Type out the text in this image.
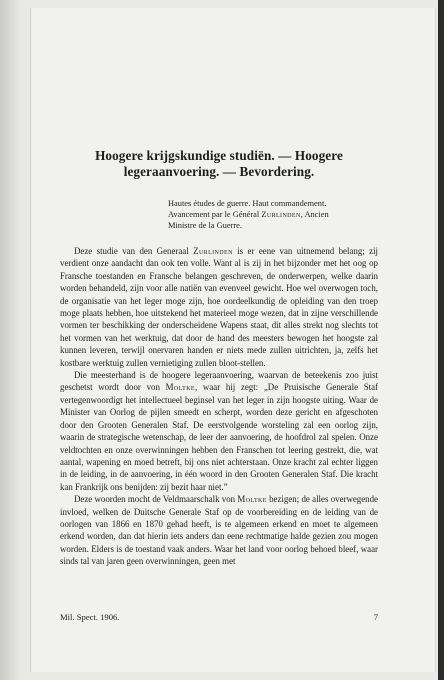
Hoogere krijgskundige studiën. — Hoogere
legeraanvoering. — Bevordering.
Hautes études de guerre. Haut commandement.
Avancement par le Général Zurlinden, Ancien
Ministre de la Guerre.

Deze studie van den Generaal Zurlinden is er eene van uitnemend belang; zij verdient onze aandacht dan ook ten volle. Want al is zij in het bijzonder met het oog op Fransche toestanden en Fransche belangen geschreven, de onderwerpen, welke daarin worden behandeld, zijn voor alle natiën van evenveel gewicht. Hoe wel overwogen toch, de organisatie van het leger moge zijn, hoe oordeelkundig de opleiding van den troep moge plaats hebben, hoe uitstekend het materieel moge wezen, dat in zijne verschillende vormen ter beschikking der onderscheidene Wapens staat, dit alles strekt nog slechts tot het vormen van het werktuig, dat door de hand des meesters bewogen het hoogste zal kunnen leveren, terwijl onervaren handen er niets mede zullen uitrichten, ja, zelfs het kostbare werktuig zullen vernietiging zullen bloot-stellen.

Die meesterhand is de hoogere legeraanvoering, waarvan de beteekenis zoo juist geschetst wordt door von Moltke, waar hij zegt: „De Pruisische Generale Staf vertegenwoordigt het intellectueel beginsel van het leger in zijn hoogste uiting. Waar de Minister van Oorlog de pijlen smeedt en scherpt, worden deze gericht en afgeschoten door den Grooten Generalen Staf. De eerstvolgende worsteling zal een oorlog zijn, waarin de strategische wetenschap, de leer der aanvoering, de hoofdrol zal spelen. Onze veldtochten en onze overwinningen hebben den Franschen tot leering gestrekt, die, wat aantal, wapening en moed betreft, bij ons niet achterstaan. Onze kracht zal echter liggen in de leiding, in de aanvoering, in één woord in den Grooten Generalen Staf. Die kracht kan Frankrijk ons benijden: zij bezit haar niet.”

Deze woorden mocht de Veldmaarschalk von Moltke bezigen; de alles overwegende invloed, welken de Duitsche Generale Staf op de voorbereiding en de leiding van de oorlogen van 1866 en 1870 gehad heeft, is te algemeen erkend en moet te algemeen erkend worden, dan dat hierin iets anders dan eene rechtmatige halde gezien zou mogen worden. Elders is de toestand vaak anders. Waar het land voor oorlog behoed bleef, waar sinds tal van jaren geen overwinningen, geen met

Mil. Spect. 1906.	7
